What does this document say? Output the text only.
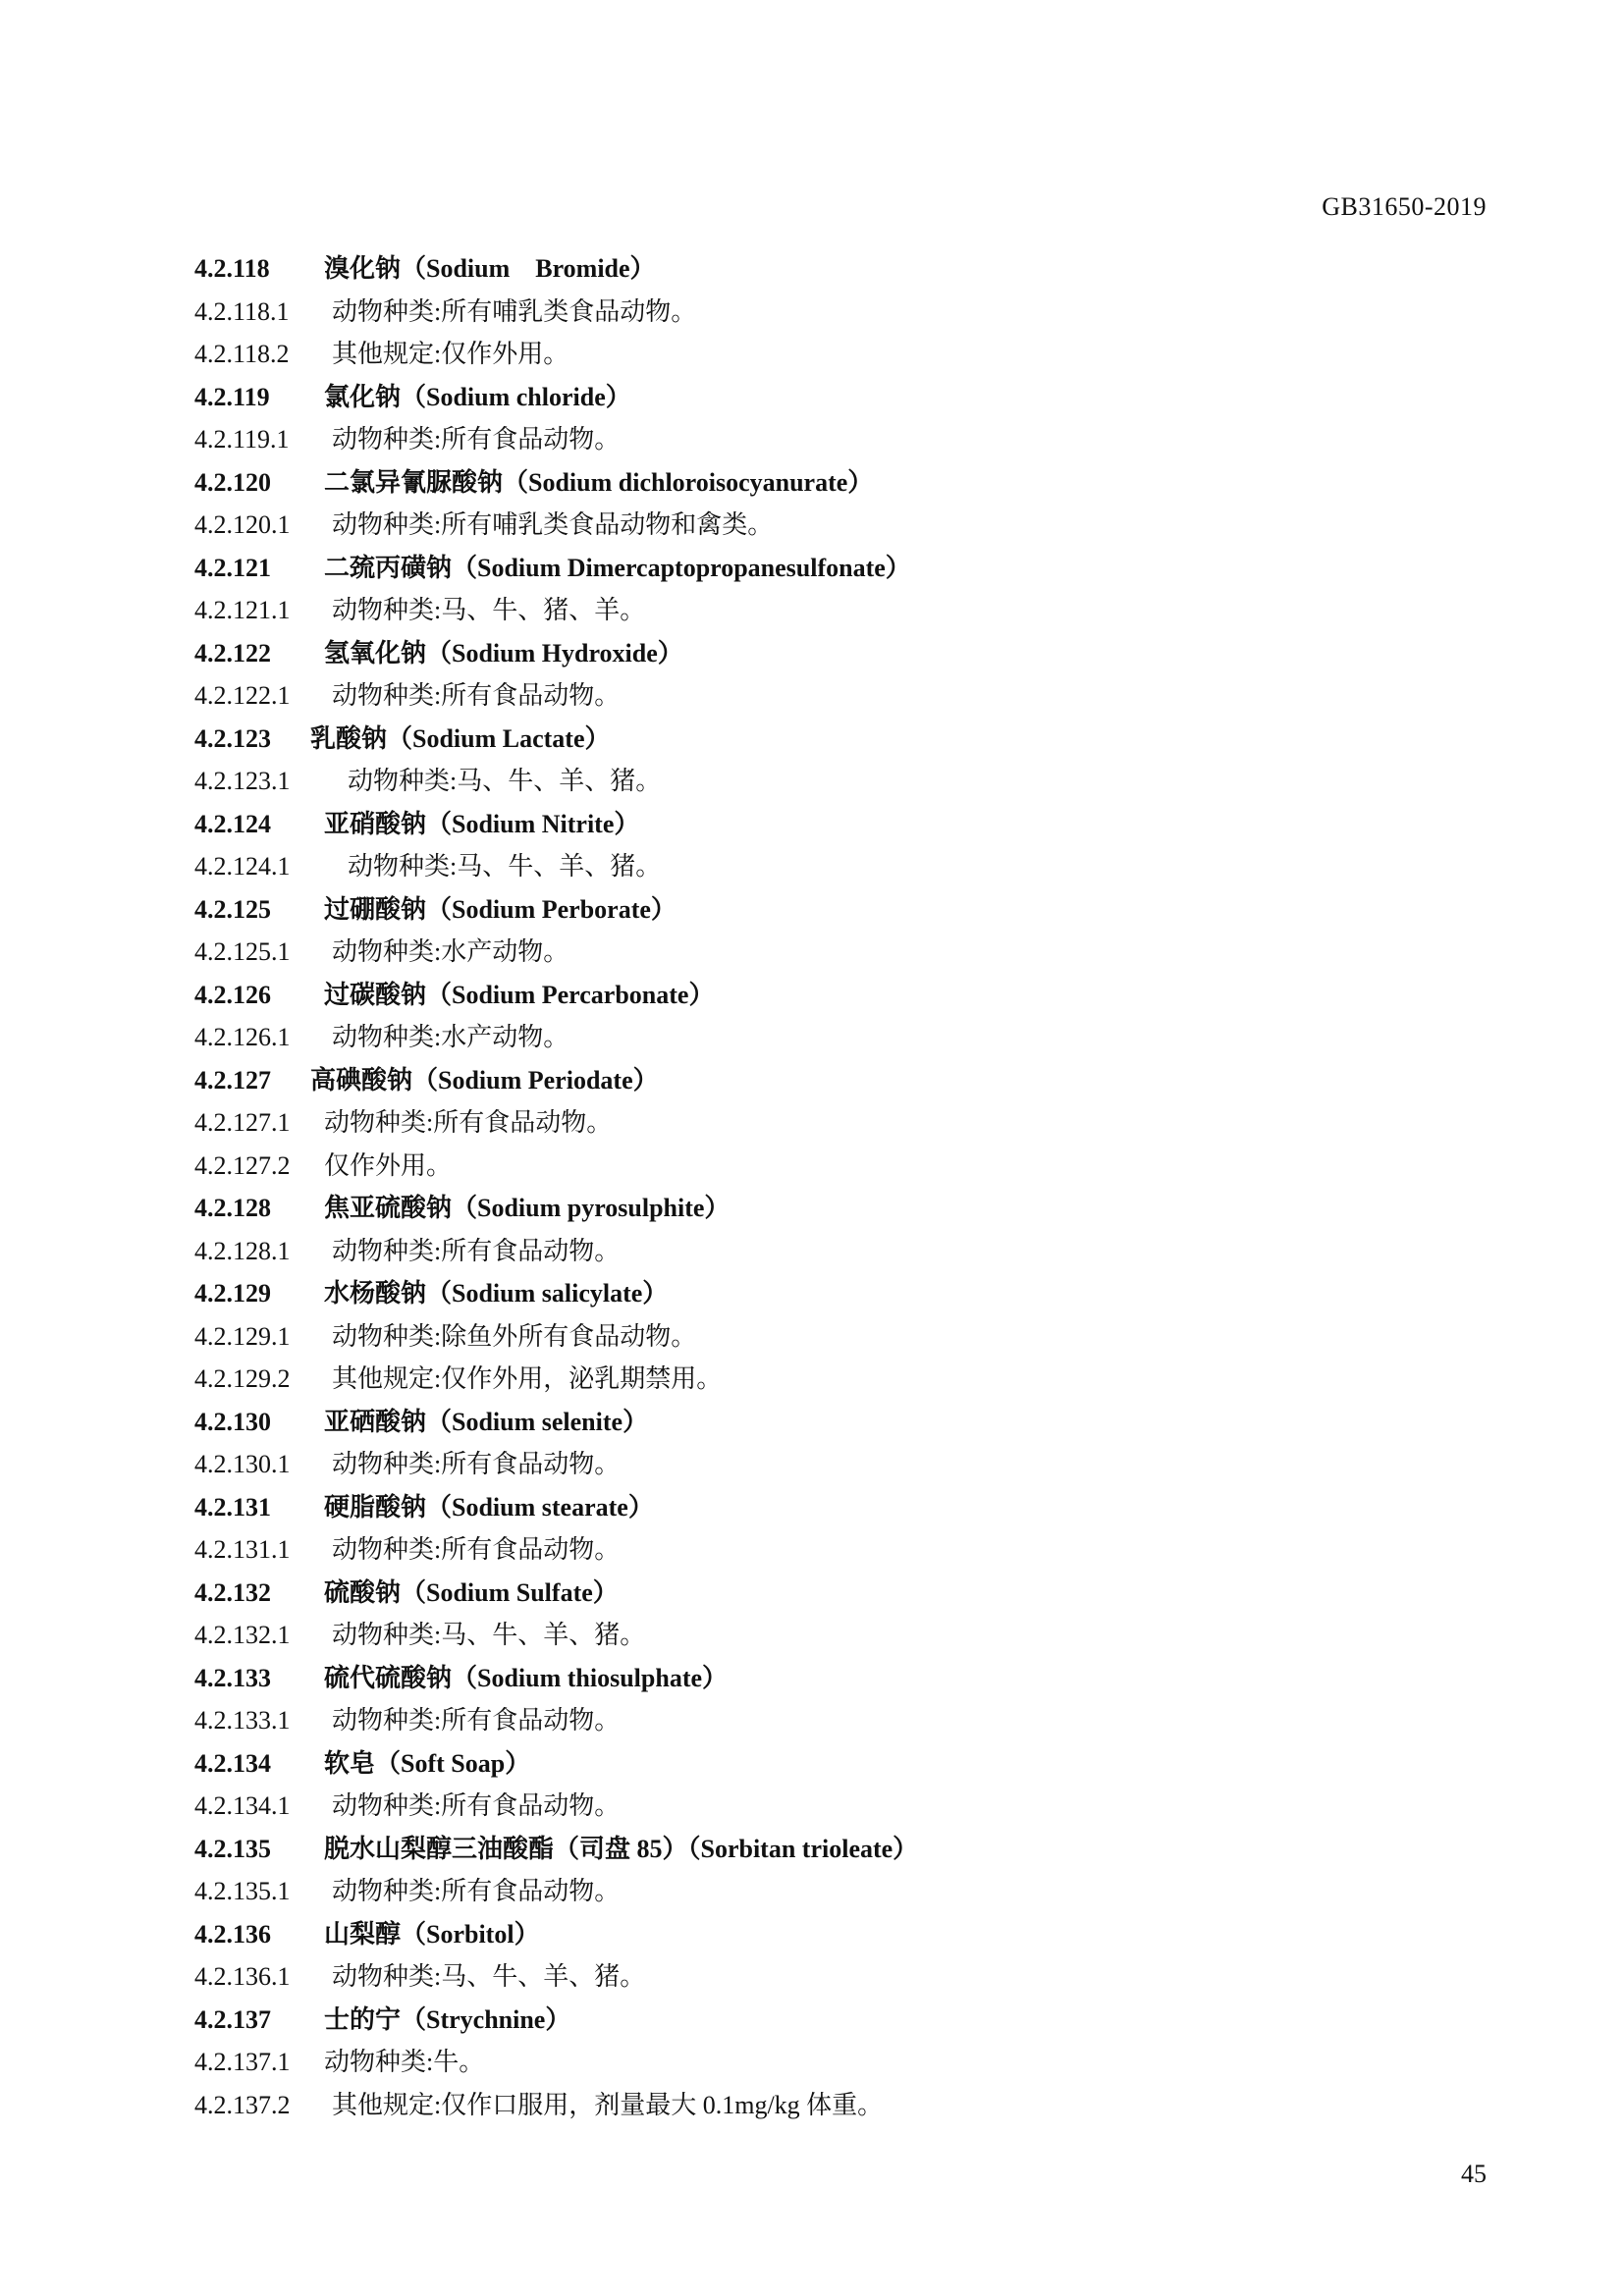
GB31650-2019
4.2.118 溴化钠（Sodium　Bromide）
4.2.118.1 动物种类:所有哺乳类食品动物。
4.2.118.2 其他规定:仅作外用。
4.2.119 氯化钠（Sodium chloride）
4.2.119.1 动物种类:所有食品动物。
4.2.120 二氯异氰脲酸钠（Sodium dichloroisocyanurate）
4.2.120.1 动物种类:所有哺乳类食品动物和禽类。
4.2.121 二巯丙磺钠（Sodium Dimercaptopropanesulfonate）
4.2.121.1 动物种类:马、牛、猪、羊。
4.2.122 氢氧化钠（Sodium Hydroxide）
4.2.122.1 动物种类:所有食品动物。
4.2.123 乳酸钠（Sodium Lactate）
4.2.123.1 动物种类:马、牛、羊、猪。
4.2.124 亚硝酸钠（Sodium Nitrite）
4.2.124.1 动物种类:马、牛、羊、猪。
4.2.125 过硼酸钠（Sodium Perborate）
4.2.125.1 动物种类:水产动物。
4.2.126 过碳酸钠（Sodium Percarbonate）
4.2.126.1 动物种类:水产动物。
4.2.127 高碘酸钠（Sodium Periodate）
4.2.127.1 动物种类:所有食品动物。
4.2.127.2 仅作外用。
4.2.128 焦亚硫酸钠（Sodium pyrosulphite）
4.2.128.1 动物种类:所有食品动物。
4.2.129 水杨酸钠（Sodium salicylate）
4.2.129.1 动物种类:除鱼外所有食品动物。
4.2.129.2 其他规定:仅作外用，泌乳期禁用。
4.2.130 亚硒酸钠（Sodium selenite）
4.2.130.1 动物种类:所有食品动物。
4.2.131 硬脂酸钠（Sodium stearate）
4.2.131.1 动物种类:所有食品动物。
4.2.132 硫酸钠（Sodium Sulfate）
4.2.132.1 动物种类:马、牛、羊、猪。
4.2.133 硫代硫酸钠（Sodium thiosulphate）
4.2.133.1 动物种类:所有食品动物。
4.2.134 软皂（Soft Soap）
4.2.134.1 动物种类:所有食品动物。
4.2.135 脱水山梨醇三油酸酯（司盘 85）（Sorbitan trioleate）
4.2.135.1 动物种类:所有食品动物。
4.2.136 山梨醇（Sorbitol）
4.2.136.1 动物种类:马、牛、羊、猪。
4.2.137 士的宁（Strychnine）
4.2.137.1 动物种类:牛。
4.2.137.2 其他规定:仅作口服用，剂量最大 0.1mg/kg 体重。
45
